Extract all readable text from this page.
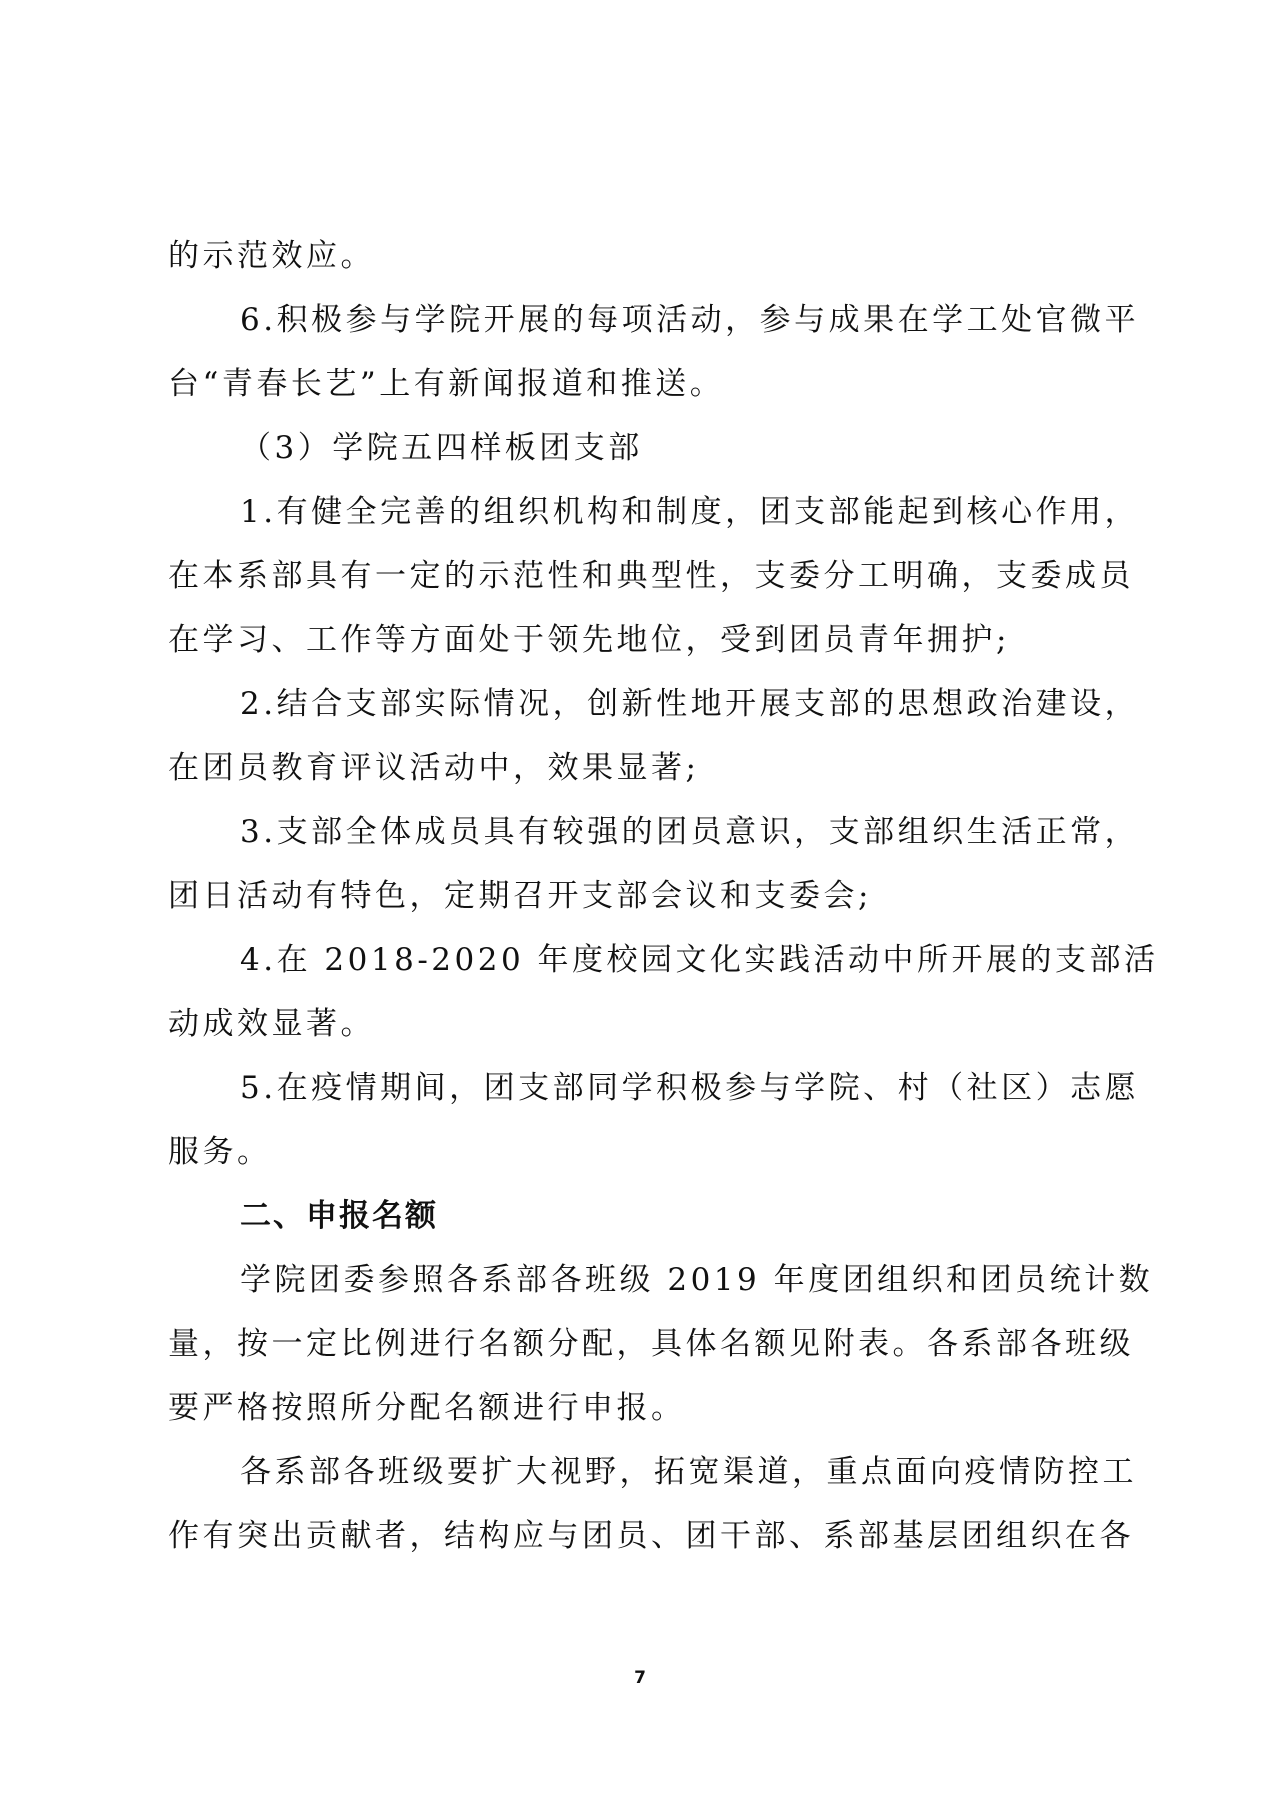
的示范效应。
6.积极参与学院开展的每项活动，参与成果在学工处官微平
台“青春长艺”上有新闻报道和推送。
（3）学院五四样板团支部
1.有健全完善的组织机构和制度，团支部能起到核心作用，
在本系部具有一定的示范性和典型性，支委分工明确，支委成员
在学习、工作等方面处于领先地位，受到团员青年拥护;
2.结合支部实际情况，创新性地开展支部的思想政治建设，
在团员教育评议活动中，效果显著;
3.支部全体成员具有较强的团员意识，支部组织生活正常，
团日活动有特色，定期召开支部会议和支委会;
4.在 2018-2020 年度校园文化实践活动中所开展的支部活
动成效显著。
5.在疫情期间，团支部同学积极参与学院、村（社区）志愿
服务。
二、申报名额
学院团委参照各系部各班级 2019 年度团组织和团员统计数
量，按一定比例进行名额分配，具体名额见附表。各系部各班级
要严格按照所分配名额进行申报。
各系部各班级要扩大视野，拓宽渠道，重点面向疫情防控工
作有突出贡献者，结构应与团员、团干部、系部基层团组织在各
7
